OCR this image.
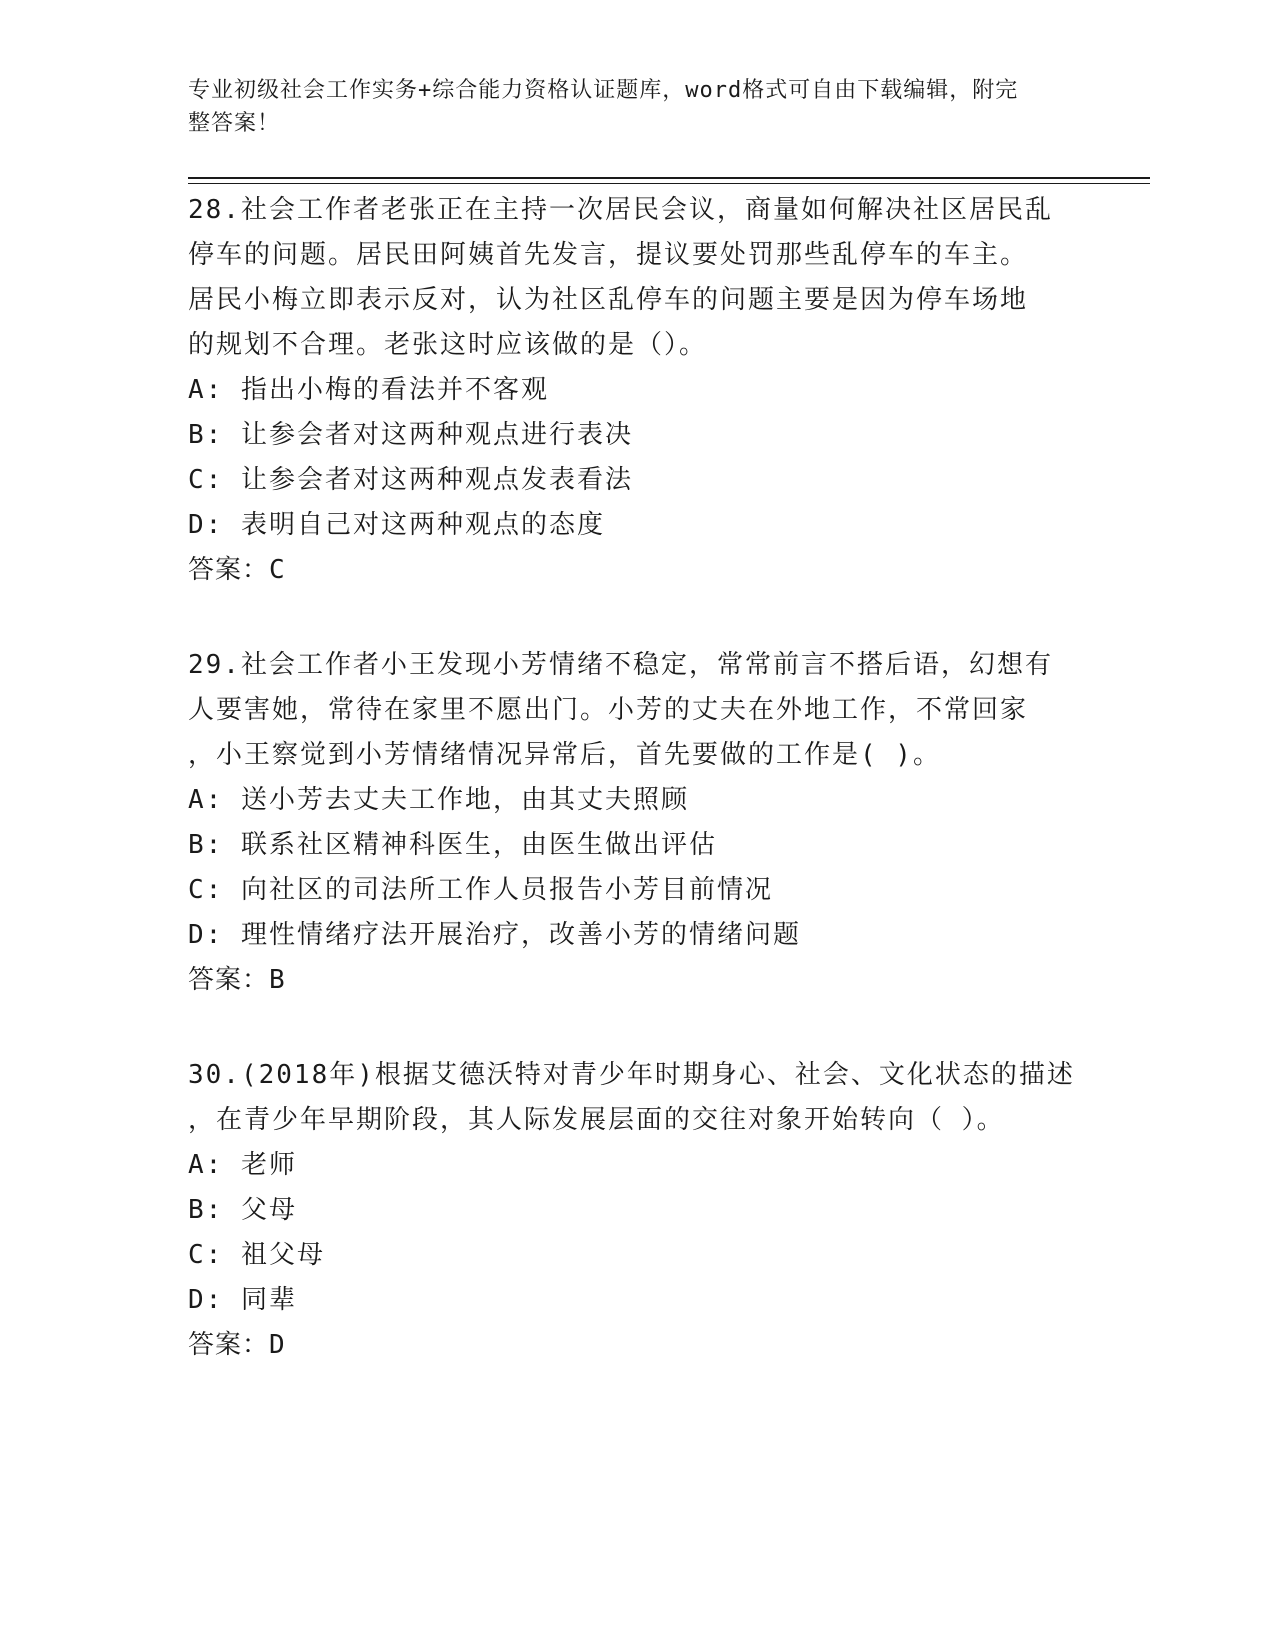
专业初级社会工作实务+综合能力资格认证题库，word格式可自由下载编辑，附完
整答案！
28.社会工作者老张正在主持一次居民会议，商量如何解决社区居民乱
停车的问题。居民田阿姨首先发言，提议要处罚那些乱停车的车主。
居民小梅立即表示反对，认为社区乱停车的问题主要是因为停车场地
的规划不合理。老张这时应该做的是（）。
A: 指出小梅的看法并不客观
B: 让参会者对这两种观点进行表决
C: 让参会者对这两种观点发表看法
D: 表明自己对这两种观点的态度
答案：C
29.社会工作者小王发现小芳情绪不稳定，常常前言不搭后语，幻想有
人要害她，常待在家里不愿出门。小芳的丈夫在外地工作，不常回家
，小王察觉到小芳情绪情况异常后，首先要做的工作是( )。
A: 送小芳去丈夫工作地，由其丈夫照顾
B: 联系社区精神科医生，由医生做出评估
C: 向社区的司法所工作人员报告小芳目前情况
D: 理性情绪疗法开展治疗，改善小芳的情绪问题
答案：B
30.(2018年)根据艾德沃特对青少年时期身心、社会、文化状态的描述
，在青少年早期阶段，其人际发展层面的交往对象开始转向（ ）。
A: 老师
B: 父母
C: 祖父母
D: 同辈
答案：D
